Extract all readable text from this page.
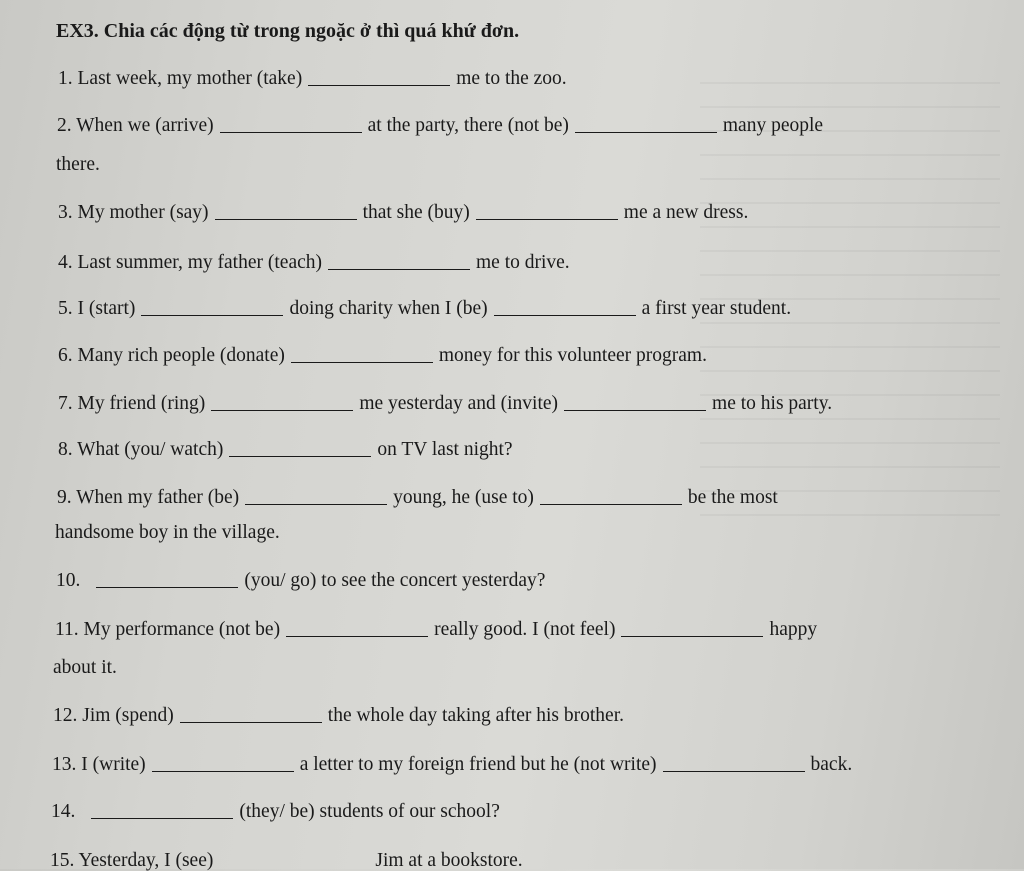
EX3. Chia các động từ trong ngoặc ở thì quá khứ đơn.
1. Last week, my mother (take)	me to the zoo.
2. When we (arrive)	at the party, there (not be)	many people
there.
3. My mother (say)	that she (buy)	me a new dress.
4. Last summer, my father (teach)	me to drive.
5. I (start)	doing charity when I (be)	a first year student.
6. Many rich people (donate)	money for this volunteer program.
7. My friend (ring)	me yesterday and (invite)	me to his party.
8. What (you/ watch)	on TV last night?
9. When my father (be)	young, he (use to)	be the most
handsome boy in the village.
10.	(you/ go) to see the concert yesterday?
11. My performance (not be)	really good. I (not feel)	happy
about it.
12. Jim (spend)	the whole day taking after his brother.
13. I (write)	a letter to my foreign friend but he (not write)	back.
14.	(they/ be) students of our school?
15. Yesterday, I (see)	Jim at a bookstore.
